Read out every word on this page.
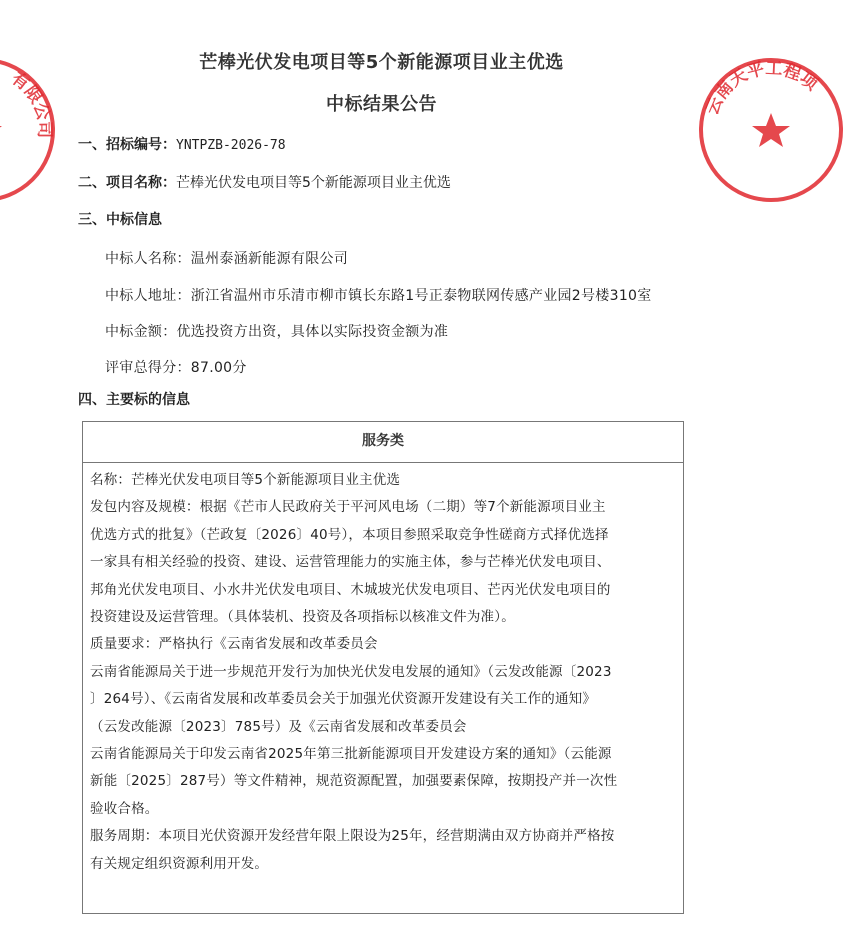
芒棒光伏发电项目等5个新能源项目业主优选
中标结果公告
一、招标编号：YNTPZB-2026-78
二、项目名称：芒棒光伏发电项目等5个新能源项目业主优选
三、中标信息
中标人名称：温州泰涵新能源有限公司
中标人地址：浙江省温州市乐清市柳市镇长东路1号正泰物联网传感产业园2号楼310室
中标金额：优选投资方出资，具体以实际投资金额为准
评审总得分：87.00分
四、主要标的信息
服务类

名称：芒棒光伏发电项目等5个新能源项目业主优选

发包内容及规模：根据《芒市人民政府关于平河风电场（二期）等7个新能源项目业主

优选方式的批复》（芒政复〔2026〕40号），本项目参照采取竞争性磋商方式择优选择

一家具有相关经验的投资、建设、运营管理能力的实施主体，参与芒棒光伏发电项目、

邦角光伏发电项目、小水井光伏发电项目、木城坡光伏发电项目、芒丙光伏发电项目的

投资建设及运营管理。（具体装机、投资及各项指标以核准文件为准）。

质量要求：严格执行《云南省发展和改革委员会

云南省能源局关于进一步规范开发行为加快光伏发电发展的通知》（云发改能源〔2023

〕264号）、《云南省发展和改革委员会关于加强光伏资源开发建设有关工作的通知》

（云发改能源〔2023〕785号）及《云南省发展和改革委员会

云南省能源局关于印发云南省2025年第三批新能源项目开发建设方案的通知》（云能源

新能〔2025〕287号）等文件精神，规范资源配置，加强要素保障，按期投产并一次性

验收合格。

服务周期：本项目光伏资源开发经营年限上限设为25年，经营期满由双方协商并严格按

有关规定组织资源利用开发。

有限公司
云南天平工程项
